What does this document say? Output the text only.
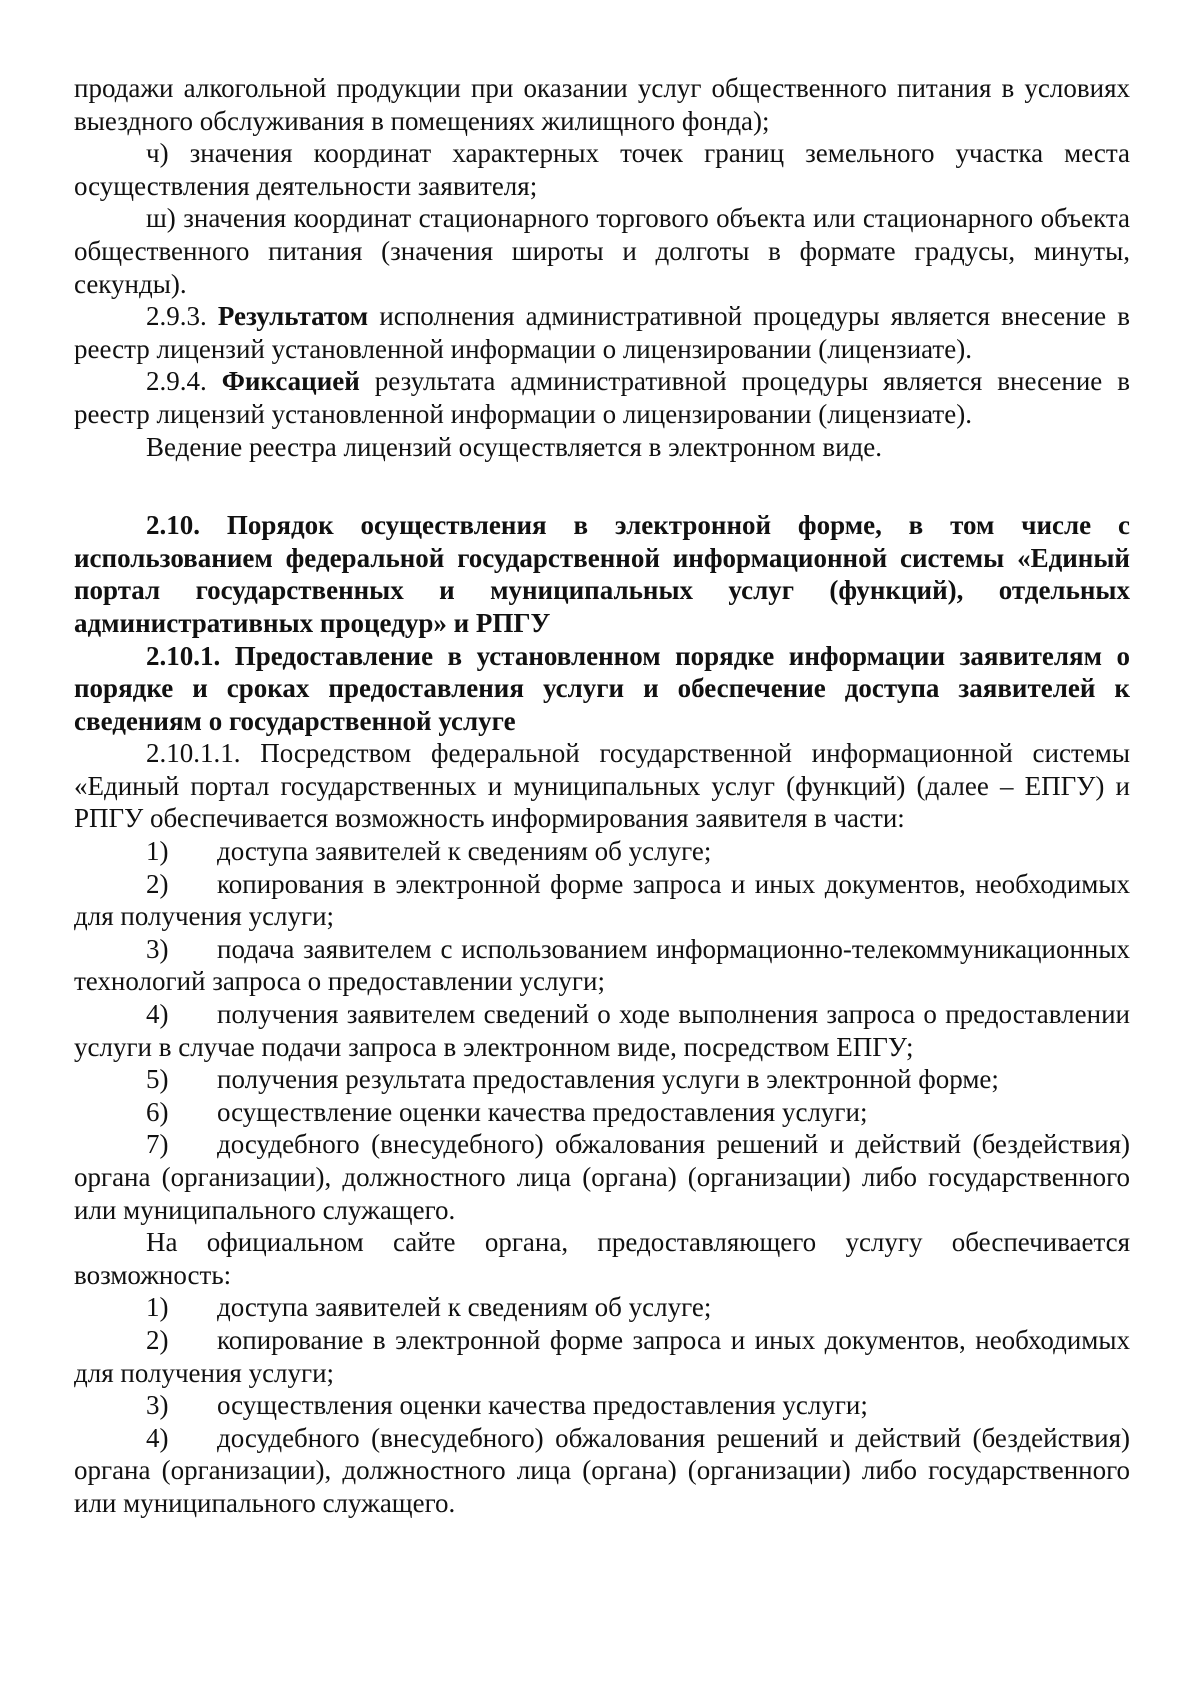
продажи алкогольной продукции при оказании услуг общественного питания в условиях выездного обслуживания в помещениях жилищного фонда);

ч) значения координат характерных точек границ земельного участка места осуществления деятельности заявителя;

ш) значения координат стационарного торгового объекта или стационарного объекта общественного питания (значения широты и долготы в формате градусы, минуты, секунды).

2.9.3. Результатом исполнения административной процедуры является внесение в реестр лицензий установленной информации о лицензировании (лицензиате).

2.9.4. Фиксацией результата административной процедуры является внесение в реестр лицензий установленной информации о лицензировании (лицензиате).

Ведение реестра лицензий осуществляется в электронном виде.

2.10. Порядок осуществления в электронной форме, в том числе с использованием федеральной государственной информационной системы «Единый портал государственных и муниципальных услуг (функций), отдельных административных процедур» и РПГУ

2.10.1. Предоставление в установленном порядке информации заявителям о порядке и сроках предоставления услуги и обеспечение доступа заявителей к сведениям о государственной услуге

2.10.1.1. Посредством федеральной государственной информационной системы «Единый портал государственных и муниципальных услуг (функций) (далее – ЕПГУ) и РПГУ обеспечивается возможность информирования заявителя в части:

1) доступа заявителей к сведениям об услуге;

2) копирования в электронной форме запроса и иных документов, необходимых для получения услуги;

3) подача заявителем с использованием информационно-телекоммуникационных технологий запроса о предоставлении услуги;

4) получения заявителем сведений о ходе выполнения запроса о предоставлении услуги в случае подачи запроса в электронном виде, посредством ЕПГУ;

5) получения результата предоставления услуги в электронной форме;

6) осуществление оценки качества предоставления услуги;

7) досудебного (внесудебного) обжалования решений и действий (бездействия) органа (организации), должностного лица (органа) (организации) либо государственного или муниципального служащего.

На официальном сайте органа, предоставляющего услугу обеспечивается возможность:

1) доступа заявителей к сведениям об услуге;

2) копирование в электронной форме запроса и иных документов, необходимых для получения услуги;

3) осуществления оценки качества предоставления услуги;

4) досудебного (внесудебного) обжалования решений и действий (бездействия) органа (организации), должностного лица (органа) (организации) либо государственного или муниципального служащего.
